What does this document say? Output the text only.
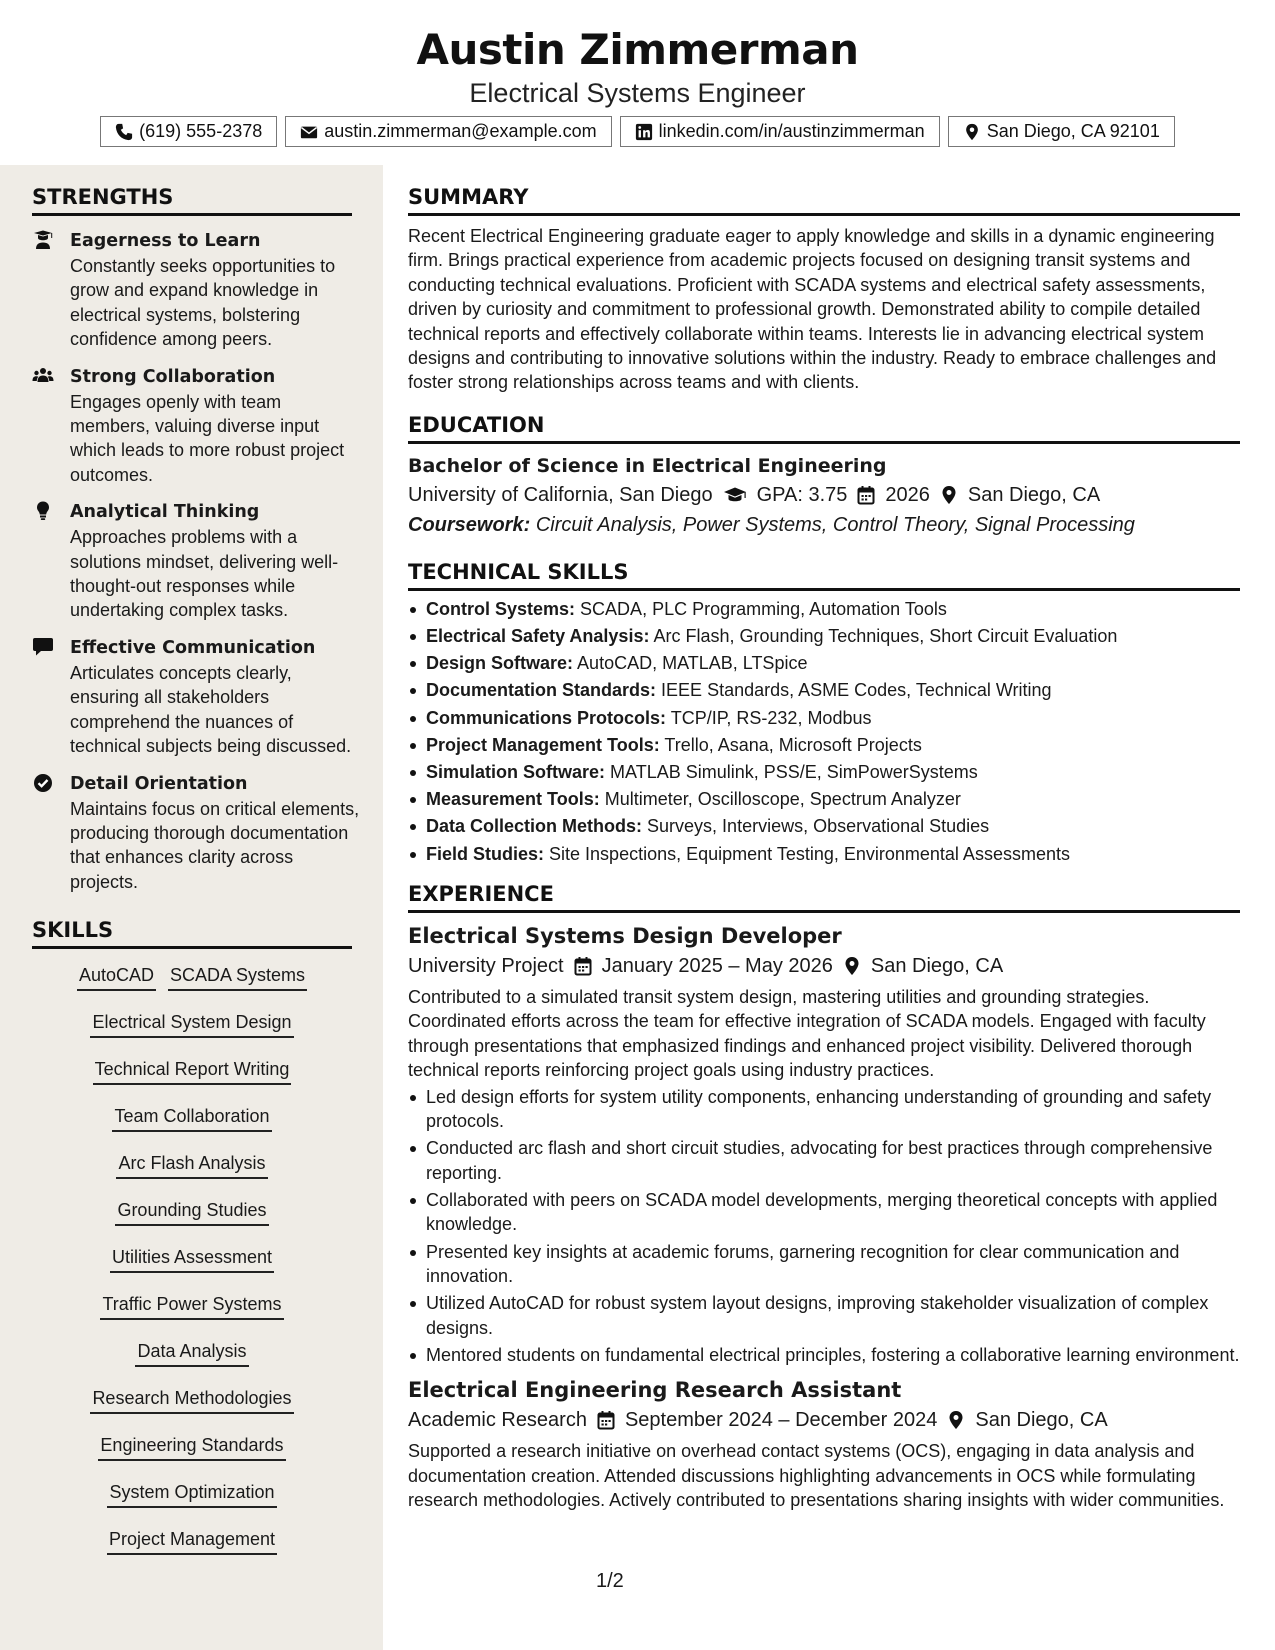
Austin Zimmerman
Electrical Systems Engineer
(619) 555-2378	austin.zimmerman@example.com	linkedin.com/in/austinzimmerman	San Diego, CA 92101
STRENGTHS
Eagerness to Learn
Constantly seeks opportunities to grow and expand knowledge in electrical systems, bolstering confidence among peers.
Strong Collaboration
Engages openly with team members, valuing diverse input which leads to more robust project outcomes.
Analytical Thinking
Approaches problems with a solutions mindset, delivering well-thought-out responses while undertaking complex tasks.
Effective Communication
Articulates concepts clearly, ensuring all stakeholders comprehend the nuances of technical subjects being discussed.
Detail Orientation
Maintains focus on critical elements, producing thorough documentation that enhances clarity across projects.
SKILLS
AutoCAD SCADA Systems
Electrical System Design
Technical Report Writing
Team Collaboration
Arc Flash Analysis
Grounding Studies
Utilities Assessment
Traffic Power Systems
Data Analysis
Research Methodologies
Engineering Standards
System Optimization
Project Management
SUMMARY
Recent Electrical Engineering graduate eager to apply knowledge and skills in a dynamic engineering firm. Brings practical experience from academic projects focused on designing transit systems and conducting technical evaluations. Proficient with SCADA systems and electrical safety assessments, driven by curiosity and commitment to professional growth. Demonstrated ability to compile detailed technical reports and effectively collaborate within teams. Interests lie in advancing electrical system designs and contributing to innovative solutions within the industry. Ready to embrace challenges and foster strong relationships across teams and with clients.
EDUCATION
Bachelor of Science in Electrical Engineering
University of California, San Diego GPA: 3.75 2026 San Diego, CA
Coursework: Circuit Analysis, Power Systems, Control Theory, Signal Processing
TECHNICAL SKILLS
Control Systems: SCADA, PLC Programming, Automation Tools
Electrical Safety Analysis: Arc Flash, Grounding Techniques, Short Circuit Evaluation
Design Software: AutoCAD, MATLAB, LTSpice
Documentation Standards: IEEE Standards, ASME Codes, Technical Writing
Communications Protocols: TCP/IP, RS-232, Modbus
Project Management Tools: Trello, Asana, Microsoft Projects
Simulation Software: MATLAB Simulink, PSS/E, SimPowerSystems
Measurement Tools: Multimeter, Oscilloscope, Spectrum Analyzer
Data Collection Methods: Surveys, Interviews, Observational Studies
Field Studies: Site Inspections, Equipment Testing, Environmental Assessments
EXPERIENCE
Electrical Systems Design Developer
University Project January 2025 – May 2026 San Diego, CA
Contributed to a simulated transit system design, mastering utilities and grounding strategies. Coordinated efforts across the team for effective integration of SCADA models. Engaged with faculty through presentations that emphasized findings and enhanced project visibility. Delivered thorough technical reports reinforcing project goals using industry practices.
Led design efforts for system utility components, enhancing understanding of grounding and safety protocols.
Conducted arc flash and short circuit studies, advocating for best practices through comprehensive reporting.
Collaborated with peers on SCADA model developments, merging theoretical concepts with applied knowledge.
Presented key insights at academic forums, garnering recognition for clear communication and innovation.
Utilized AutoCAD for robust system layout designs, improving stakeholder visualization of complex designs.
Mentored students on fundamental electrical principles, fostering a collaborative learning environment.
Electrical Engineering Research Assistant
Academic Research September 2024 – December 2024 San Diego, CA
Supported a research initiative on overhead contact systems (OCS), engaging in data analysis and documentation creation. Attended discussions highlighting advancements in OCS while formulating research methodologies. Actively contributed to presentations sharing insights with wider communities.
1/2
